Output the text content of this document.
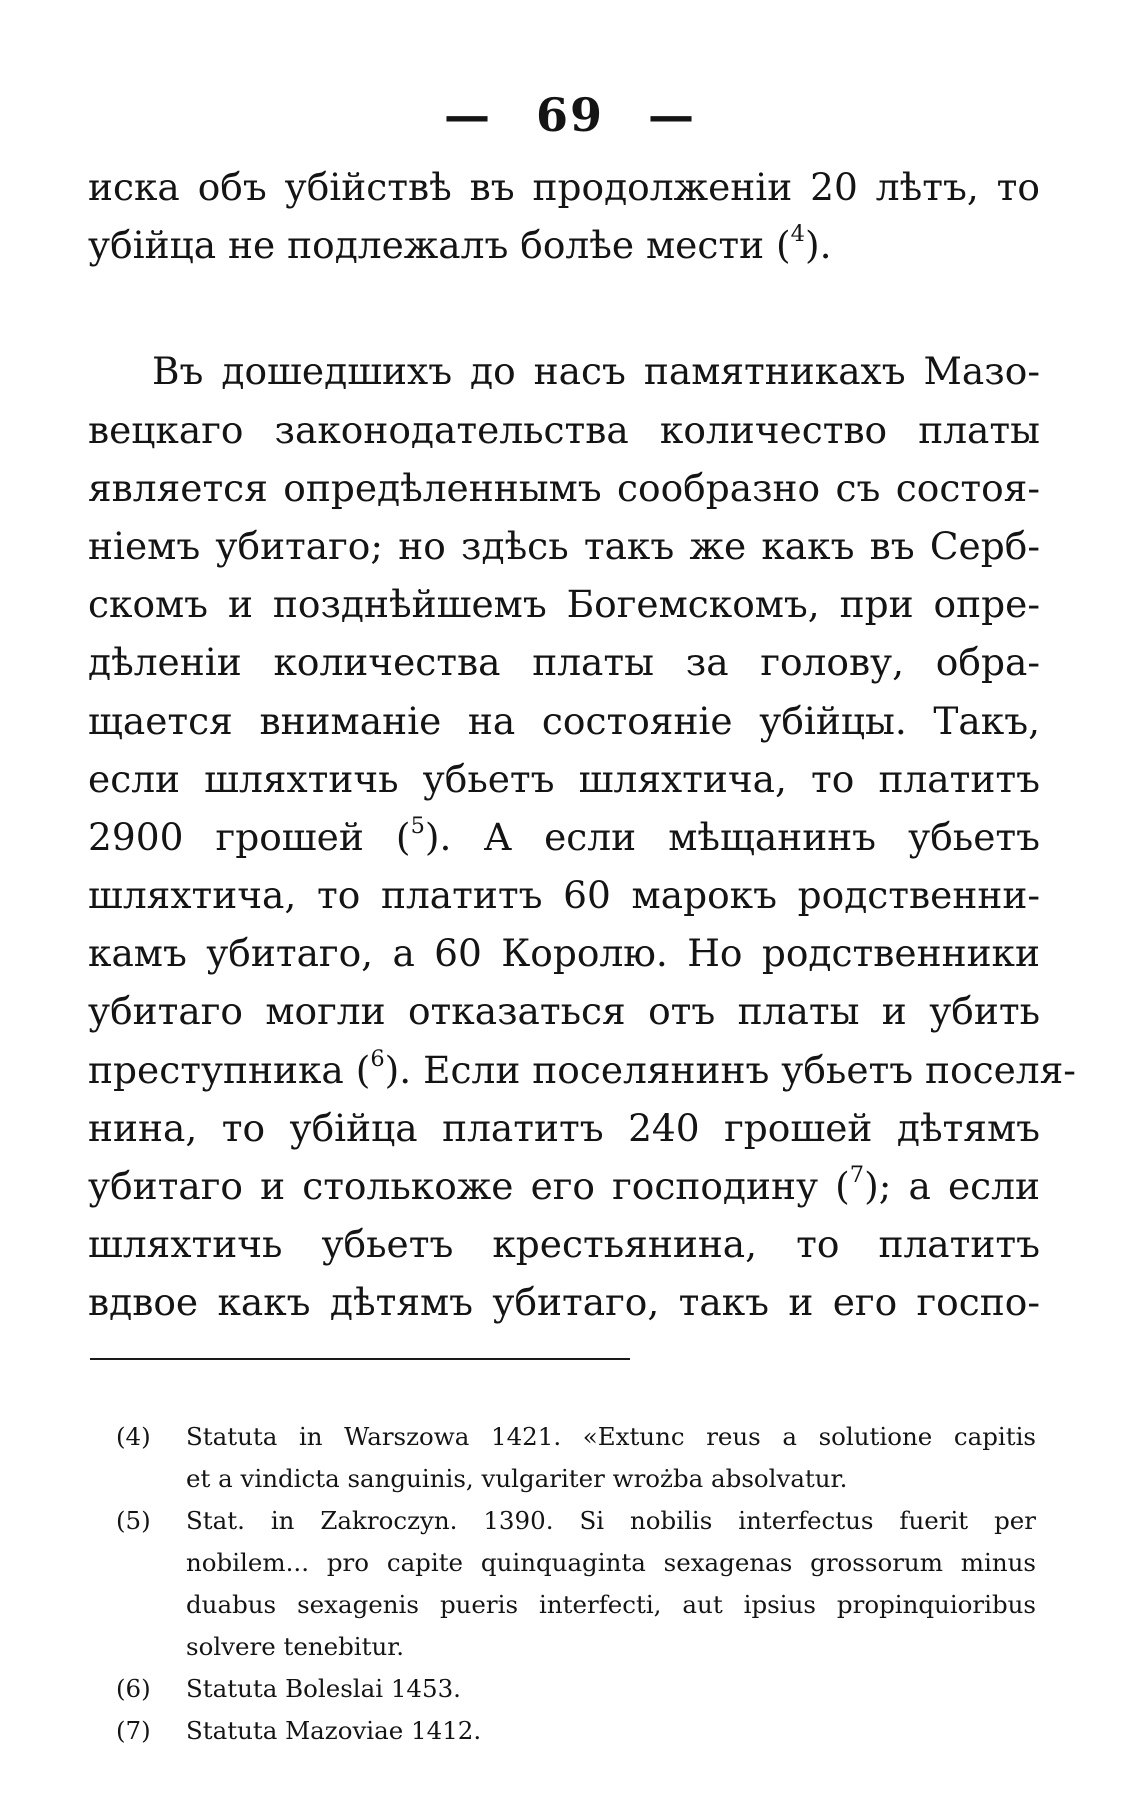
— 69 —
иска объ убійствѣ въ продолженіи 20 лѣтъ, то
убійца не подлежалъ болѣе мести ($^4$).
Въ дошедшихъ до насъ памятникахъ Мазо-
вецкаго законодательства количество платы
является опредѣленнымъ сообразно съ состоя-
ніемъ убитаго; но здѣсь такъ же какъ въ Серб-
скомъ и позднѣйшемъ Богемскомъ, при опре-
дѣленіи количества платы за голову, обра-
щается вниманіе на состояніе убійцы. Такъ,
если шляхтичь убьетъ шляхтича, то платитъ
2900 грошей ($^5$). А если мѣщанинъ убьетъ
шляхтича, то платитъ 60 марокъ родственни-
камъ убитаго, а 60 Королю. Но родственники
убитаго могли отказаться отъ платы и убить
преступника ($^6$). Если поселянинъ убьетъ поселя-
нина, то убійца платитъ 240 грошей дѣтямъ
убитаго и столькоже его господину ($^7$); а если
шляхтичь убьетъ крестьянина, то платитъ
вдвое какъ дѣтямъ убитаго, такъ и его госпо-
(4) Statuta in Warszowa 1421. «Extunc reus a solutione capitis
et a vindicta sanguinis, vulgariter wrożba absolvatur.
(5) Stat. in Zakroczyn. 1390. Si nobilis interfectus fuerit per
nobilem... pro capite quinquaginta sexagenas grossorum minus
duabus sexagenis pueris interfecti, aut ipsius propinquioribus
solvere tenebitur.
(6) Statuta Boleslai 1453.
(7) Statuta Mazoviae 1412.
